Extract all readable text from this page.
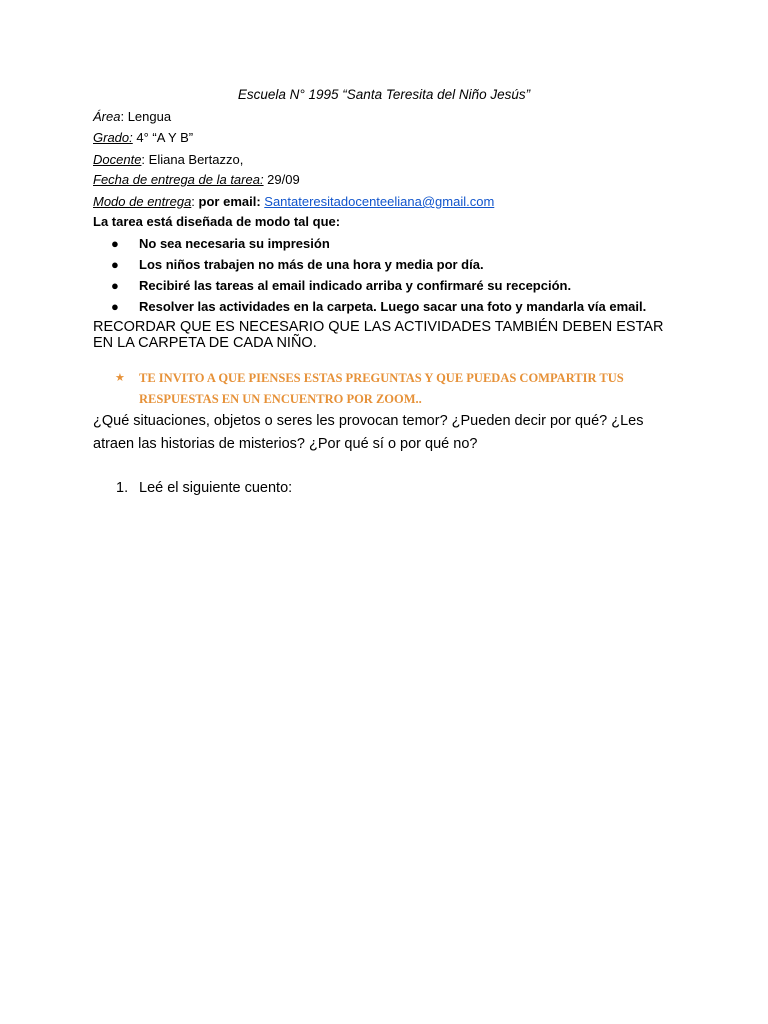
Escuela N° 1995 “Santa Teresita del Niño Jesús”
Área: Lengua
Grado: 4° “A Y B”
Docente: Eliana Bertazzo,
Fecha de entrega de la tarea: 29/09
Modo de entrega: por email: Santateresitadocenteeliana@gmail.com
La tarea está diseñada de modo tal que:
● No sea necesaria su impresión
● Los niños trabajen no más de una hora y media por día.
● Recibiré las tareas al email indicado arriba y confirmaré su recepción.
● Resolver las actividades en la carpeta. Luego sacar una foto y mandarla vía email.
RECORDAR QUE ES NECESARIO QUE LAS ACTIVIDADES TAMBIÉN DEBEN ESTAR EN LA CARPETA DE CADA NIÑO.
★ TE INVITO A QUE PIENSES ESTAS PREGUNTAS Y QUE PUEDAS COMPARTIR TUS RESPUESTAS EN UN ENCUENTRO POR ZOOM..
¿Qué situaciones, objetos o seres les provocan temor? ¿Pueden decir por qué? ¿Les atraen las historias de misterios? ¿Por qué sí o por qué no?
1. Leé el siguiente cuento:
